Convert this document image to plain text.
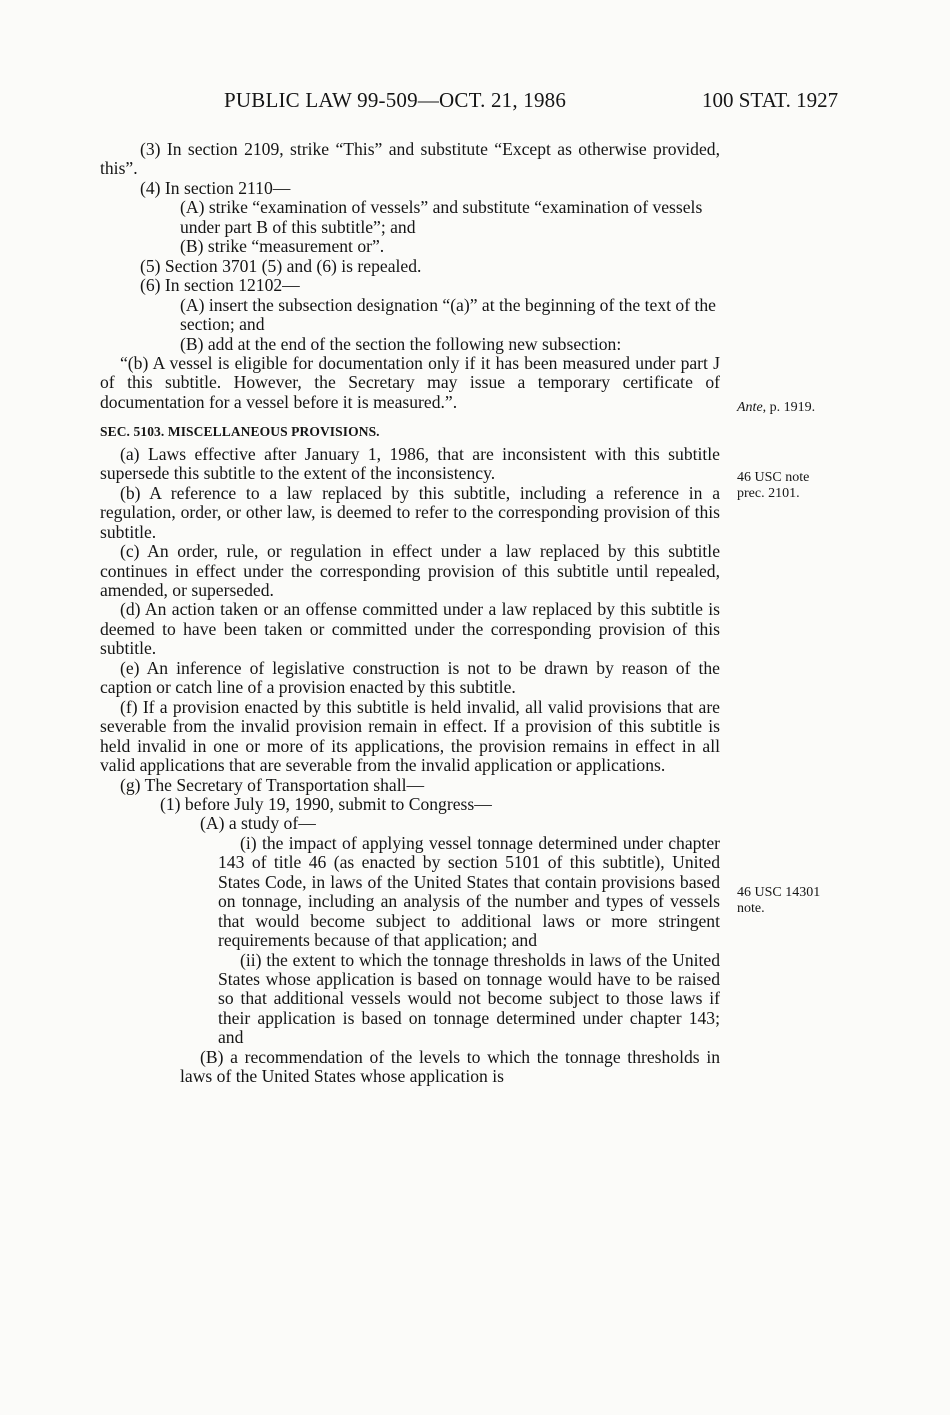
PUBLIC LAW 99-509—OCT. 21, 1986	100 STAT. 1927

(3) In section 2109, strike “This” and substitute “Except as otherwise provided, this”.

(4) In section 2110—

(A) strike “examination of vessels” and substitute “examination of vessels under part B of this subtitle”; and

(B) strike “measurement or”.

(5) Section 3701 (5) and (6) is repealed.

(6) In section 12102—

(A) insert the subsection designation “(a)” at the beginning of the text of the section; and

(B) add at the end of the section the following new subsection:

“(b) A vessel is eligible for documentation only if it has been measured under part J of this subtitle. However, the Secretary may issue a temporary certificate of documentation for a vessel before it is measured.”.

SEC. 5103. MISCELLANEOUS PROVISIONS.

(a) Laws effective after January 1, 1986, that are inconsistent with this subtitle supersede this subtitle to the extent of the inconsistency.

(b) A reference to a law replaced by this subtitle, including a reference in a regulation, order, or other law, is deemed to refer to the corresponding provision of this subtitle.

(c) An order, rule, or regulation in effect under a law replaced by this subtitle continues in effect under the corresponding provision of this subtitle until repealed, amended, or superseded.

(d) An action taken or an offense committed under a law replaced by this subtitle is deemed to have been taken or committed under the corresponding provision of this subtitle.

(e) An inference of legislative construction is not to be drawn by reason of the caption or catch line of a provision enacted by this subtitle.

(f) If a provision enacted by this subtitle is held invalid, all valid provisions that are severable from the invalid provision remain in effect. If a provision of this subtitle is held invalid in one or more of its applications, the provision remains in effect in all valid applications that are severable from the invalid application or applications.

(g) The Secretary of Transportation shall—

(1) before July 19, 1990, submit to Congress—

(A) a study of—

(i) the impact of applying vessel tonnage determined under chapter 143 of title 46 (as enacted by section 5101 of this subtitle), United States Code, in laws of the United States that contain provisions based on tonnage, including an analysis of the number and types of vessels that would become subject to additional laws or more stringent requirements because of that application; and

(ii) the extent to which the tonnage thresholds in laws of the United States whose application is based on tonnage would have to be raised so that additional vessels would not become subject to those laws if their application is based on tonnage determined under chapter 143; and

(B) a recommendation of the levels to which the tonnage thresholds in laws of the United States whose application is

Ante, p. 1919.
46 USC note
prec. 2101.
46 USC 14301
note.
